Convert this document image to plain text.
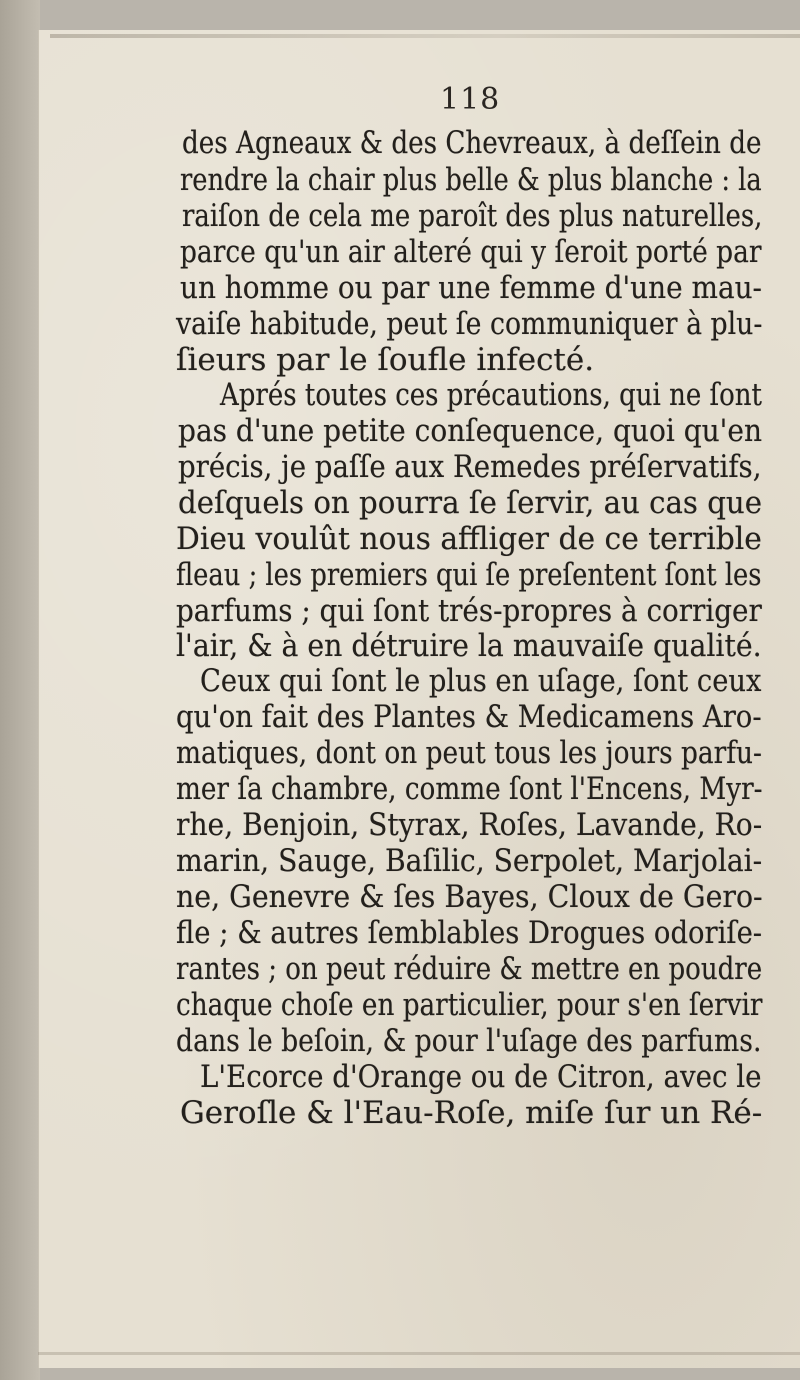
118
des Agneaux & des Chevreaux, à deſſein de
rendre la chair plus belle & plus blanche : la
raiſon de cela me paroît des plus naturelles,
parce qu'un air alteré qui y ſeroit porté par
un homme ou par une femme d'une mau-
vaiſe habitude, peut ſe communiquer à plu-
ſieurs par le ſoufle infecté.
Aprés toutes ces précautions, qui ne ſont
pas d'une petite conſequence, quoi qu'en
précis, je paſſe aux Remedes préſervatifs,
deſquels on pourra ſe ſervir, au cas que
Dieu voulût nous affliger de ce terrible
fleau ; les premiers qui ſe preſentent ſont les
parfums ; qui ſont trés-propres à corriger
l'air, & à en détruire la mauvaiſe qualité.
Ceux qui ſont le plus en uſage, ſont ceux
qu'on fait des Plantes & Medicamens Aro-
matiques, dont on peut tous les jours parfu-
mer ſa chambre, comme ſont l'Encens, Myr-
rhe, Benjoin, Styrax, Roſes, Lavande, Ro-
marin, Sauge, Baſilic, Serpolet, Marjolai-
ne, Genevre & ſes Bayes, Cloux de Gero-
fle ; & autres ſemblables Drogues odoriſe-
rantes ; on peut réduire & mettre en poudre
chaque choſe en particulier, pour s'en ſervir
dans le beſoin, & pour l'uſage des parfums.
L'Ecorce d'Orange ou de Citron, avec le
Geroſle & l'Eau-Roſe, miſe ſur un Ré-
